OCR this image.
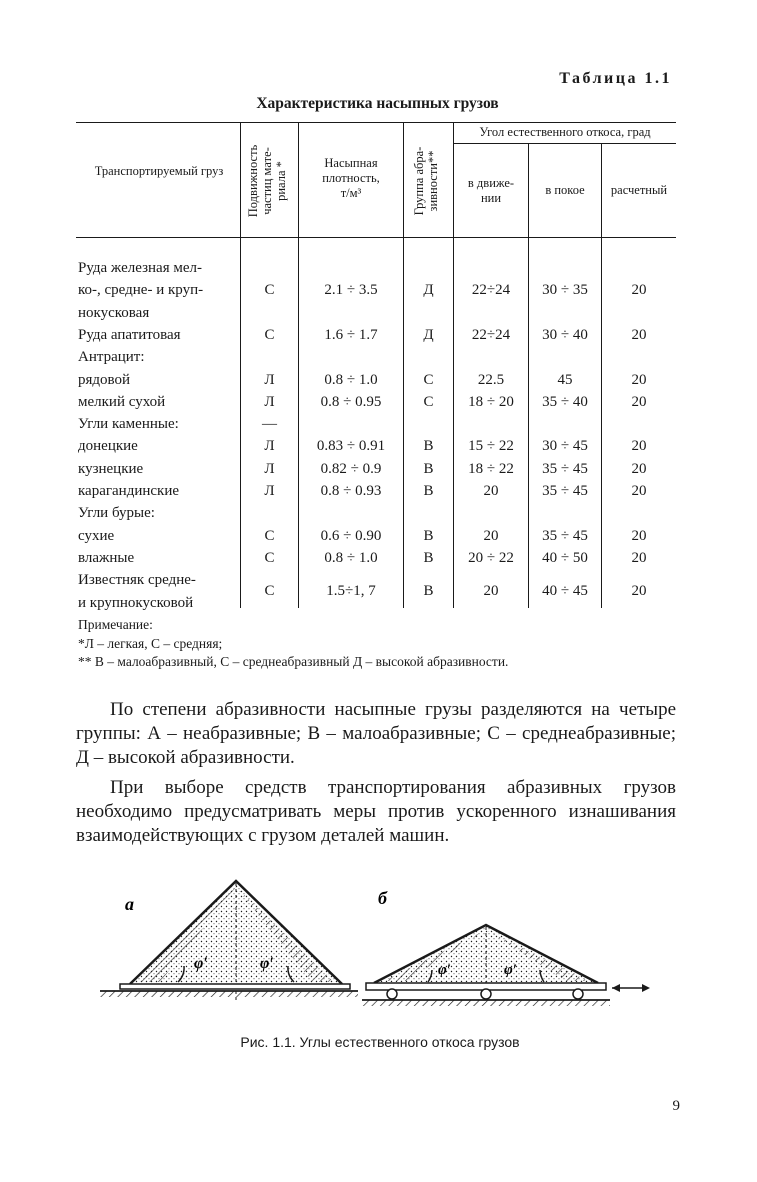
Таблица 1.1
Характеристика насыпных грузов
Транспортируемый груз	Подвижность частиц мате- риала *	Насыпная
плотность,
т/м³	Группа абра- зивности**
Угол естественного откоса, град
в движе-
нии
в покое	расчетный
Руда железная мел-
ко-, средне- и круп-	С	2.1 ÷ 3.5	Д	22÷24	30 ÷ 35	20
нокусковая
Руда апатитовая	С	1.6 ÷ 1.7	Д	22÷24	30 ÷ 40	20
Антрацит:
рядовой	Л	0.8 ÷ 1.0	С	22.5	45	20
мелкий сухой	Л	0.8 ÷ 0.95	С	18 ÷ 20	35 ÷ 40	20
Угли каменные:	—
донецкие	Л	0.83 ÷ 0.91	В	15 ÷ 22	30 ÷ 45	20
кузнецкие	Л	0.82 ÷ 0.9	В	18 ÷ 22	35 ÷ 45	20
карагандинские	Л	0.8 ÷ 0.93	В	20	35 ÷ 45	20
Угли бурые:
сухие	С	0.6 ÷ 0.90	В	20	35 ÷ 45	20
влажные	С	0.8 ÷ 1.0	В	20 ÷ 22	40 ÷ 50	20
Известняк средне-
и крупнокусковой
С	1.5÷1, 7	В	20	40 ÷ 45	20
Примечание:
*Л – легкая, С – средняя;
** В – малоабразивный, С – среднеабразивный Д – высокой абразивности.

По степени абразивности насыпные грузы разделяются на четыре группы: А – неабразивные; В – малоабразивные; С – среднеабразивные; Д – высокой абразивности.

При выборе средств транспортирования абразивных грузов необходимо предусматривать меры против ускоренного изнашивания взаимодействующих с грузом деталей машин.

а
φ′	φ′
б
φ′	φ′
Рис. 1.1. Углы естественного откоса грузов
9
